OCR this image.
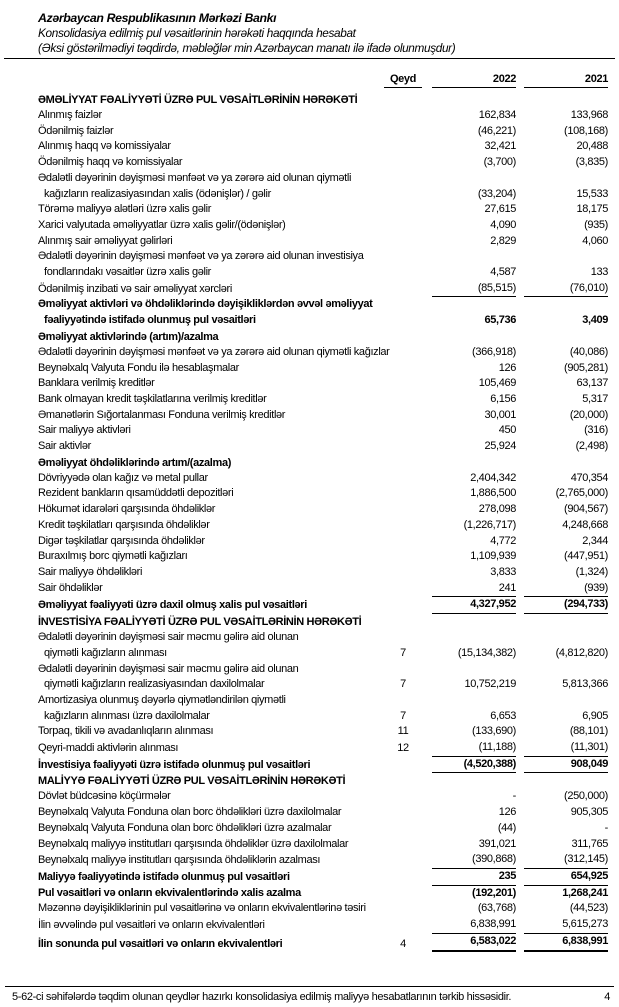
Azərbaycan Respublikasının Mərkəzi Bankı
Konsolidasiya edilmiş pul vəsaitlərinin hərəkəti haqqında hesabat
(Əksi göstərilmədiyi təqdirdə, məbləğlər min Azərbaycan manatı ilə ifadə olunmuşdur)
Qeyd	2022	2021
ƏMƏLİYYAT FƏALİYYƏTİ ÜZRƏ PUL VƏSAİTLƏRİNİN HƏRƏKƏTİ
Alınmış faizlər	162,834	133,968
Ödənilmiş faizlər	(46,221)	(108,168)
Alınmış haqq və komissiyalar	32,421	20,488
Ödənilmiş haqq və komissiyalar	(3,700)	(3,835)
Ədalətli dəyərinin dəyişməsi mənfəət və ya zərərə aid olunan qiymətli
kağızların realizasiyasından xalis (ödənişlər) / gəlir	(33,204)	15,533
Törəmə maliyyə alətləri üzrə xalis gəlir	27,615	18,175
Xarici valyutada əməliyyatlar üzrə xalis gəlir/(ödənişlər)	4,090	(935)
Alınmış sair əməliyyat gəlirləri	2,829	4,060
Ədalətli dəyərinin dəyişməsi mənfəət və ya zərərə aid olunan investisiya
fondlarındakı vəsaitlər üzrə xalis gəlir	4,587	133
Ödənilmiş inzibati və sair əməliyyat xərcləri	(85,515)	(76,010)
Əməliyyat aktivləri və öhdəliklərində dəyişikliklərdən əvvəl əməliyyat
fəaliyyətində istifadə olunmuş pul vəsaitləri	65,736	3,409
Əməliyyat aktivlərində (artım)/azalma
Ədalətli dəyərinin dəyişməsi mənfəət və ya zərərə aid olunan qiymətli kağızlar	(366,918)	(40,086)
Beynəlxalq Valyuta Fondu ilə hesablaşmalar	126	(905,281)
Banklara verilmiş kreditlər	105,469	63,137
Bank olmayan kredit təşkilatlarına verilmiş kreditlər	6,156	5,317
Əmanətlərin Sığortalanması Fonduna verilmiş kreditlər	30,001	(20,000)
Sair maliyyə aktivləri	450	(316)
Sair aktivlər	25,924	(2,498)
Əməliyyat öhdəliklərində artım/(azalma)
Dövriyyədə olan kağız və metal pullar	2,404,342	470,354
Rezident bankların qısamüddətli depozitləri	1,886,500	(2,765,000)
Hökumət idarələri qarşısında öhdəliklər	278,098	(904,567)
Kredit təşkilatları qarşısında öhdəliklər	(1,226,717)	4,248,668
Digər təşkilatlar qarşısında öhdəliklər	4,772	2,344
Buraxılmış borc qiymətli kağızları	1,109,939	(447,951)
Sair maliyyə öhdəlikləri	3,833	(1,324)
Sair öhdəliklər	241	(939)
Əməliyyat fəaliyyəti üzrə daxil olmuş xalis pul vəsaitləri	4,327,952	(294,733)
İNVESTİSİYA FƏALİYYƏTİ ÜZRƏ PUL VƏSAİTLƏRİNİN HƏRƏKƏTİ
Ədalətli dəyərinin dəyişməsi sair məcmu gəlirə aid olunan
qiymətli kağızların alınması	7	(15,134,382)	(4,812,820)
Ədalətli dəyərinin dəyişməsi sair məcmu gəlirə aid olunan
qiymətli kağızların realizasiyasından daxilolmalar	7	10,752,219	5,813,366
Amortizasiya olunmuş dəyərlə qiymətləndirilən qiymətli
kağızların alınması üzrə daxilolmalar	7	6,653	6,905
Torpaq, tikili və avadanlıqların alınması	11	(133,690)	(88,101)
Qeyri-maddi aktivlərin alınması	12	(11,188)	(11,301)
İnvestisiya fəaliyyəti üzrə istifadə olunmuş pul vəsaitləri	(4,520,388)	908,049
MALİYYƏ FƏALİYYƏTİ ÜZRƏ PUL VƏSAİTLƏRİNİN HƏRƏKƏTİ
Dövlət büdcəsinə köçürmələr	-	(250,000)
Beynəlxalq Valyuta Fonduna olan borc öhdəlikləri üzrə daxilolmalar	126	905,305
Beynəlxalq Valyuta Fonduna olan borc öhdəlikləri üzrə azalmalar	(44)	-
Beynəlxalq maliyyə institutları qarşısında öhdəliklər üzrə daxilolmalar	391,021	311,765
Beynəlxalq maliyyə institutları qarşısında öhdəliklərin azalması	(390,868)	(312,145)
Maliyyə fəaliyyətində istifadə olunmuş pul vəsaitləri	235	654,925
Pul vəsaitləri və onların ekvivalentlərində xalis azalma	(192,201)	1,268,241
Məzənnə dəyişikliklərinin pul vəsaitlərinə və onların ekvivalentlərinə təsiri	(63,768)	(44,523)
İlin əvvəlində pul vəsaitləri və onların ekvivalentləri	6,838,991	5,615,273
İlin sonunda pul vəsaitləri və onların ekvivalentləri	4	6,583,022	6,838,991
5-62-ci səhifələrdə təqdim olunan qeydlər hazırkı konsolidasiya edilmiş maliyyə hesabatlarının tərkib hissəsidir.	4
